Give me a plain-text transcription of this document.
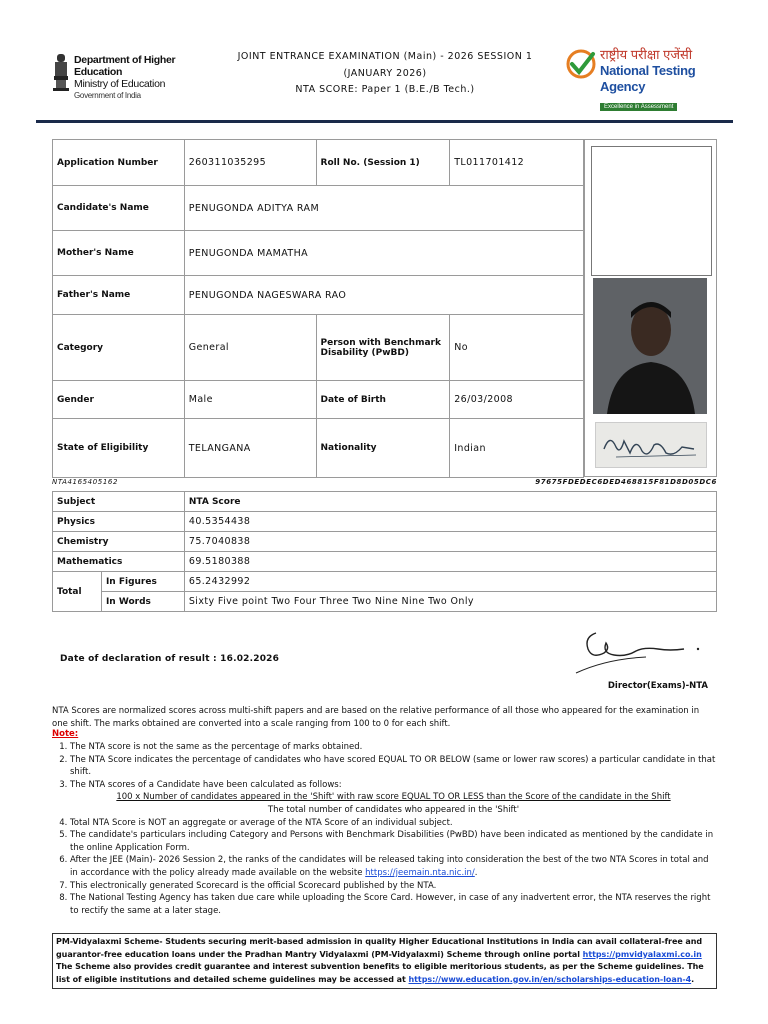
Department of Higher Education
Ministry of Education
Government of India
JOINT ENTRANCE EXAMINATION (Main) - 2026 SESSION 1
(JANUARY 2026)
NTA SCORE: Paper 1 (B.E./B Tech.)
राष्ट्रीय परीक्षा एजेंसी
National Testing Agency
Excellence in Assessment
Application Number	260311035295	Roll No. (Session 1)	TL011701412
Candidate's Name	PENUGONDA ADITYA RAM		
Mother's Name	PENUGONDA MAMATHA		
Father's Name	PENUGONDA NAGESWARA RAO		
Category	General	Person with Benchmark Disability (PwBD)	No
Gender	Male	Date of Birth	26/03/2008
State of Eligibility	TELANGANA	Nationality	Indian
NTA4165405162	97675FDEDEC6DED468815F81D8D05DC6
Subject		NTA Score
Physics		40.5354438
Chemistry		75.7040838
Mathematics		69.5180388
Total	In Figures	65.2432992
	In Words	Sixty Five point Two Four Three Two Nine Nine Two Only
Date of declaration of result : 16.02.2026
Director(Exams)-NTA
NTA Scores are normalized scores across multi-shift papers and are based on the relative performance of all those who appeared for the examination in one shift. The marks obtained are converted into a scale ranging from 100 to 0 for each shift.
Note:
1. The NTA score is not the same as the percentage of marks obtained.
2. The NTA Score indicates the percentage of candidates who have scored EQUAL TO OR BELOW (same or lower raw scores) a particular candidate in that shift.
3. The NTA scores of a Candidate have been calculated as follows:
100 x Number of candidates appeared in the 'Shift' with raw score EQUAL TO OR LESS than the Score of the candidate in the Shift
The total number of candidates who appeared in the 'Shift'
4. Total NTA Score is NOT an aggregate or average of the NTA Score of an individual subject.
5. The candidate's particulars including Category and Persons with Benchmark Disabilities (PwBD) have been indicated as mentioned by the candidate in the online Application Form.
6. After the JEE (Main)- 2026 Session 2, the ranks of the candidates will be released taking into consideration the best of the two NTA Scores in total and in accordance with the policy already made available on the website https://jeemain.nta.nic.in/.
7. This electronically generated Scorecard is the official Scorecard published by the NTA.
8. The National Testing Agency has taken due care while uploading the Score Card. However, in case of any inadvertent error, the NTA reserves the right to rectify the same at a later stage.
PM-Vidyalaxmi Scheme- Students securing merit-based admission in quality Higher Educational Institutions in India can avail collateral-free and guarantor-free education loans under the Pradhan Mantry Vidyalaxmi (PM-Vidyalaxmi) Scheme through online portal https://pmvidyalaxmi.co.in The Scheme also provides credit guarantee and interest subvention benefits to eligible meritorious students, as per the Scheme guidelines. The list of eligible institutions and detailed scheme guidelines may be accessed at https://www.education.gov.in/en/scholarships-education-loan-4.
